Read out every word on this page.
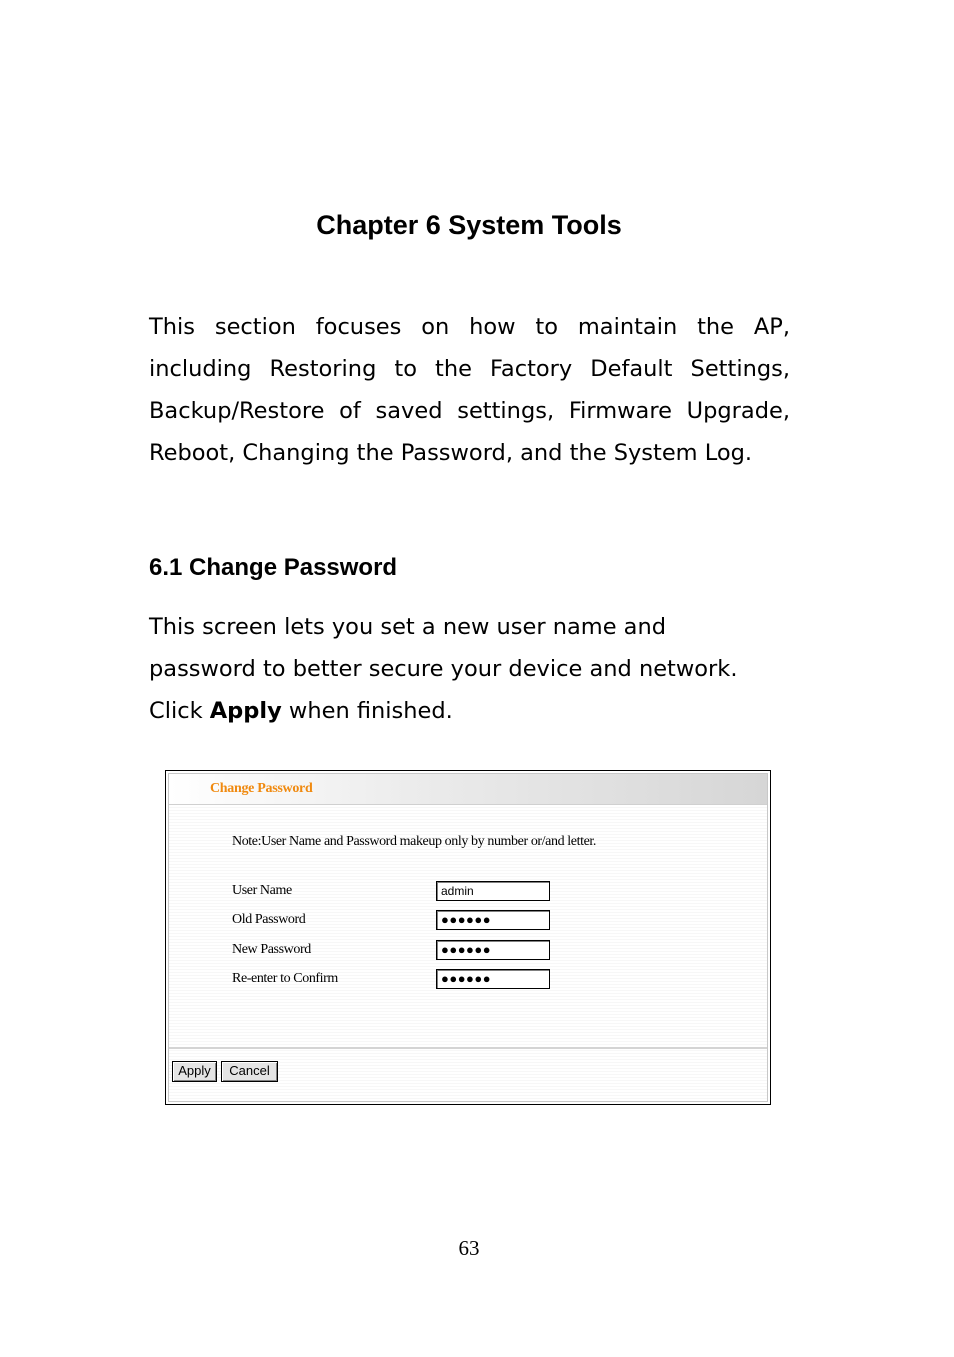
Chapter 6 System Tools

This section focuses on how to maintain the AP, including Restoring to the Factory Default Settings, Backup/Restore of saved settings, Firmware Upgrade, Reboot, Changing the Password, and the System Log.

6.1 Change Password

This screen lets you set a new user name and
password to better secure your device and network.
Click Apply when finished.

Change Password
Note:User Name and Password makeup only by number or/and letter.
User Name	admin
Old Password	●●●●●●
New Password	●●●●●●
Re-enter to Confirm	●●●●●●
Apply	Cancel
63
